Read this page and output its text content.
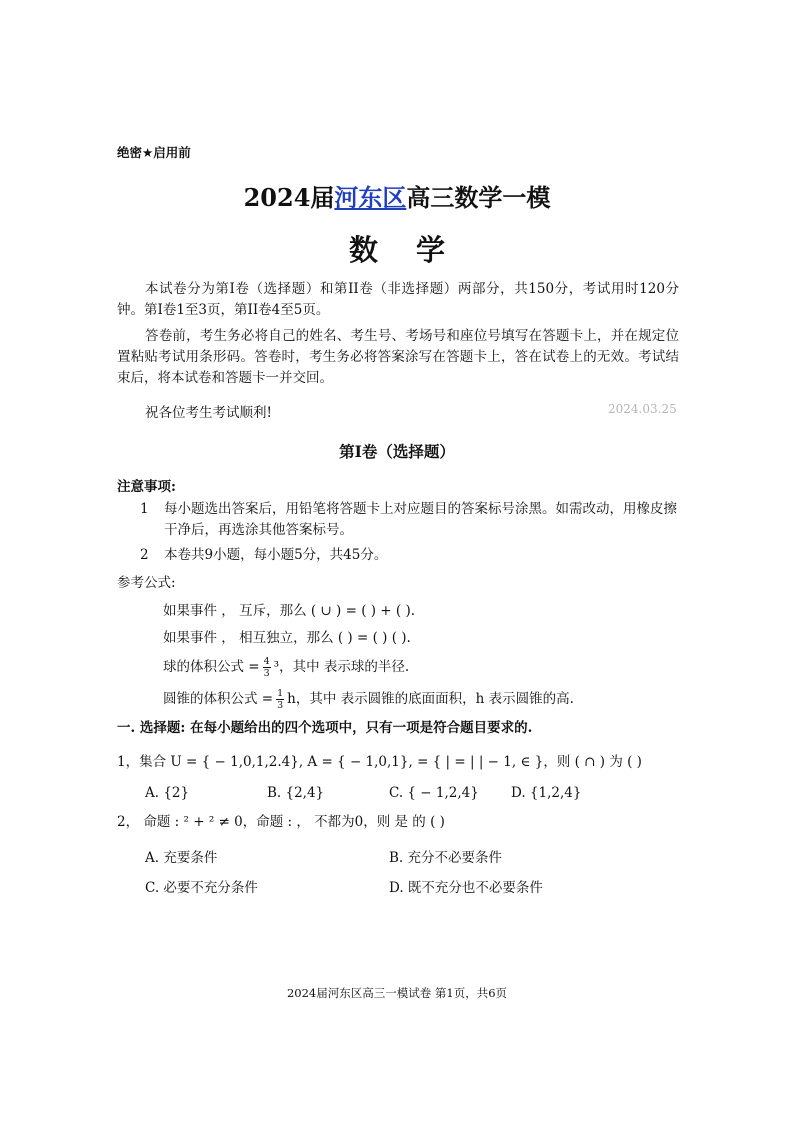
绝密★启用前
2024届河东区高三数学一模
数 学
本试卷分为第I卷（选择题）和第II卷（非选择题）两部分，共150分，考试用时120分钟。第I卷1至3页，第II卷4至5页。
答卷前，考生务必将自己的姓名、考生号、考场号和座位号填写在答题卡上，并在规定位置粘贴考试用条形码。答卷时，考生务必将答案涂写在答题卡上，答在试卷上的无效。考试结束后，将本试卷和答题卡一并交回。
祝各位考生考试顺利!	2024.03.25
第I卷（选择题）
注意事项:
1 每小题选出答案后，用铅笔将答题卡上对应题目的答案标号涂黑。如需改动，用橡皮擦干净后，再选涂其他答案标号。
2 本卷共9小题，每小题5分，共45分。
参考公式:
如果事件 ， 互斥，那么 ( ∪ ) = ( ) + ( ).
如果事件 ， 相互独立，那么 ( ) = ( ) ( ).
球的体积公式 = $\frac{4}{3} ^3$，其中 表示球的半径.
圆锥的体积公式 = $\frac{1}{3}$ h，其中 表示圆锥的底面面积，h 表示圆锥的高.
一. 选择题: 在每小题给出的四个选项中，只有一项是符合题目要求的.
1，集合 U = { − 1,0,1,2.4}, A = { − 1,0,1}, = { | = | | − 1, ∈ }，则 ( ∩ ) 为 ( )
A. {2}	B. {2,4}	C. { − 1,2,4} D. {1,2,4}
2， 命题 : ² + ² ≠ 0，命题 : ， 不都为0，则 是 的 ( )
A. 充要条件	B. 充分不必要条件
C. 必要不充分条件	D. 既不充分也不必要条件
2024届河东区高三一模试卷 第1页，共6页
